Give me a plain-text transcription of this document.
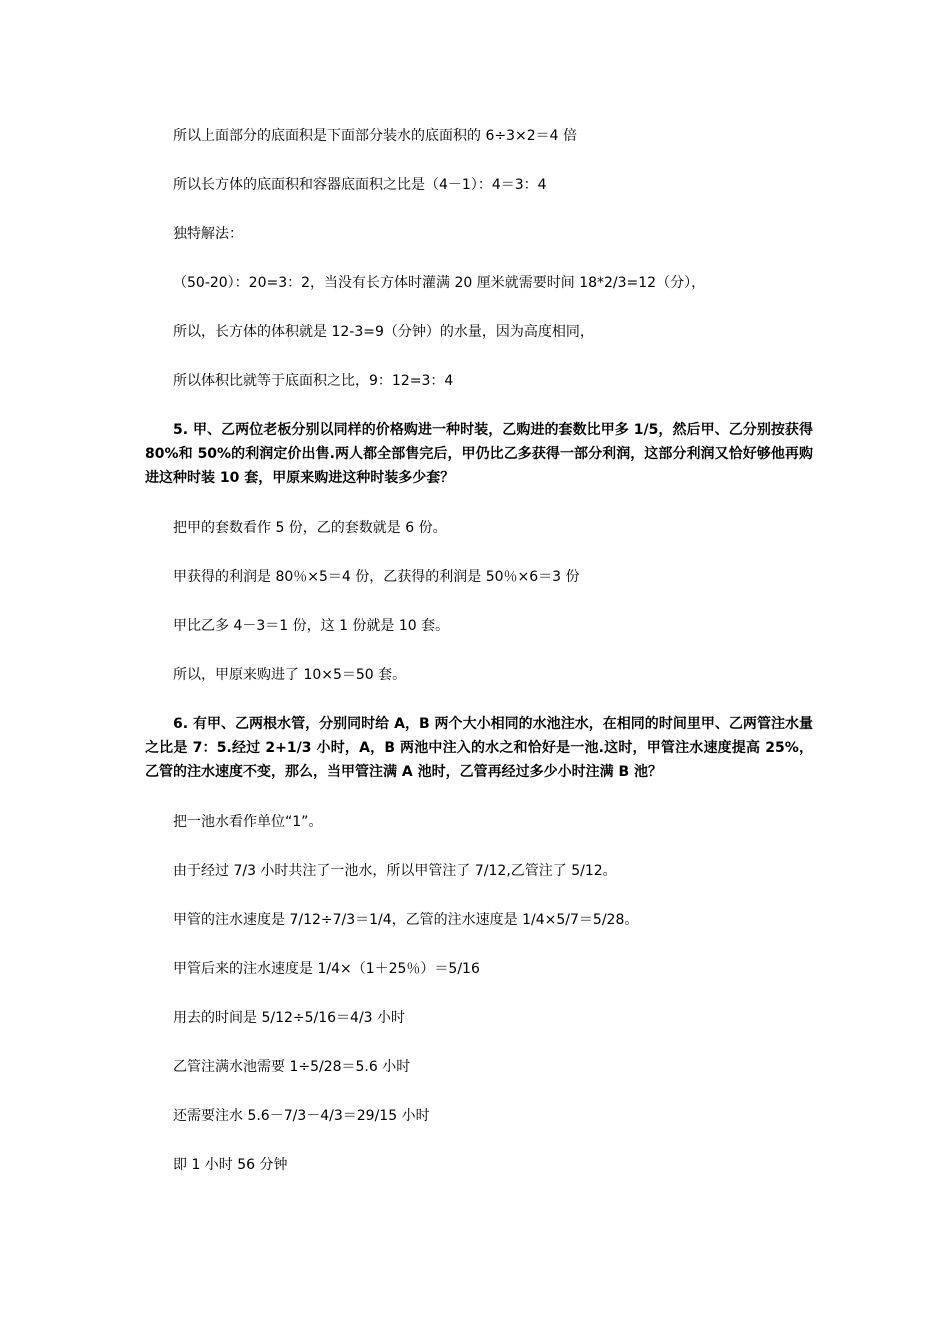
所以上面部分的底面积是下面部分装水的底面积的 6÷3×2＝4 倍
所以长方体的底面积和容器底面积之比是（4－1）：4＝3：4
独特解法：
（50-20）：20=3：2，当没有长方体时灌满 20 厘米就需要时间 18*2/3=12（分），
所以，长方体的体积就是 12-3=9（分钟）的水量，因为高度相同，
所以体积比就等于底面积之比，9：12=3：4
5. 甲、乙两位老板分别以同样的价格购进一种时装，乙购进的套数比甲多 1/5，然后甲、乙分别按获得 80%和 50%的利润定价出售.两人都全部售完后，甲仍比乙多获得一部分利润，这部分利润又恰好够他再购进这种时装 10 套，甲原来购进这种时装多少套？
把甲的套数看作 5 份，乙的套数就是 6 份。
甲获得的利润是 80％×5＝4 份，乙获得的利润是 50％×6＝3 份
甲比乙多 4－3＝1 份，这 1 份就是 10 套。
所以，甲原来购进了 10×5＝50 套。
6. 有甲、乙两根水管，分别同时给 A，B 两个大小相同的水池注水，在相同的时间里甲、乙两管注水量之比是 7：5.经过 2+1/3 小时，A，B 两池中注入的水之和恰好是一池.这时，甲管注水速度提高 25%，乙管的注水速度不变，那么，当甲管注满 A 池时，乙管再经过多少小时注满 B 池？
把一池水看作单位“1”。
由于经过 7/3 小时共注了一池水，所以甲管注了 7/12,乙管注了 5/12。
甲管的注水速度是 7/12÷7/3＝1/4，乙管的注水速度是 1/4×5/7＝5/28。
甲管后来的注水速度是 1/4×（1＋25％）＝5/16
用去的时间是 5/12÷5/16＝4/3 小时
乙管注满水池需要 1÷5/28＝5.6 小时
还需要注水 5.6－7/3－4/3＝29/15 小时
即 1 小时 56 分钟
